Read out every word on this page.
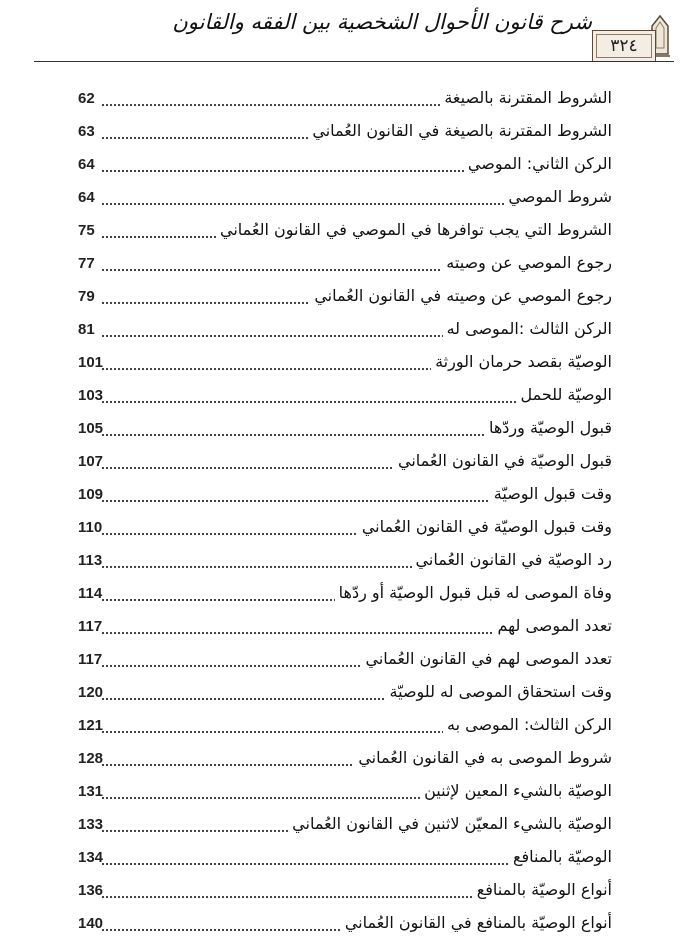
شرح قانون الأحوال الشخصية بين الفقه والقانون
٣٢٤
الشروط المقترنة بالصيغة
62
الشروط المقترنة بالصيغة في القانون العُماني
63
الركن الثاني: الموصي
64
شروط الموصي
64
الشروط التي يجب توافرها في الموصي في القانون العُماني
75
رجوع الموصي عن وصيته
77
رجوع الموصي عن وصيته في القانون العُماني
79
الركن الثالث :الموصى له
81
الوصيّة بقصد حرمان الورثة
101
الوصيّة للحمل
103
قبول الوصيّة وردّها
105
قبول الوصيّة في القانون العُماني
107
وقت قبول الوصيّة
109
وقت قبول الوصيّة في القانون العُماني
110
رد الوصيّة في القانون العُماني
113
وفاة الموصى له قبل قبول الوصيّة أو ردّها
114
تعدد الموصى لهم
117
تعدد الموصى لهم في القانون العُماني
117
وقت استحقاق الموصى له للوصيّة
120
الركن الثالث: الموصى به
121
شروط الموصى به في القانون العُماني
128
الوصيّة بالشيء المعين لإثنين
131
الوصيّة بالشيء المعيّن لاثنين في القانون العُماني
133
الوصيّة بالمنافع
134
أنواع الوصيّة بالمنافع
136
أنواع الوصيّة بالمنافع في القانون العُماني
140
